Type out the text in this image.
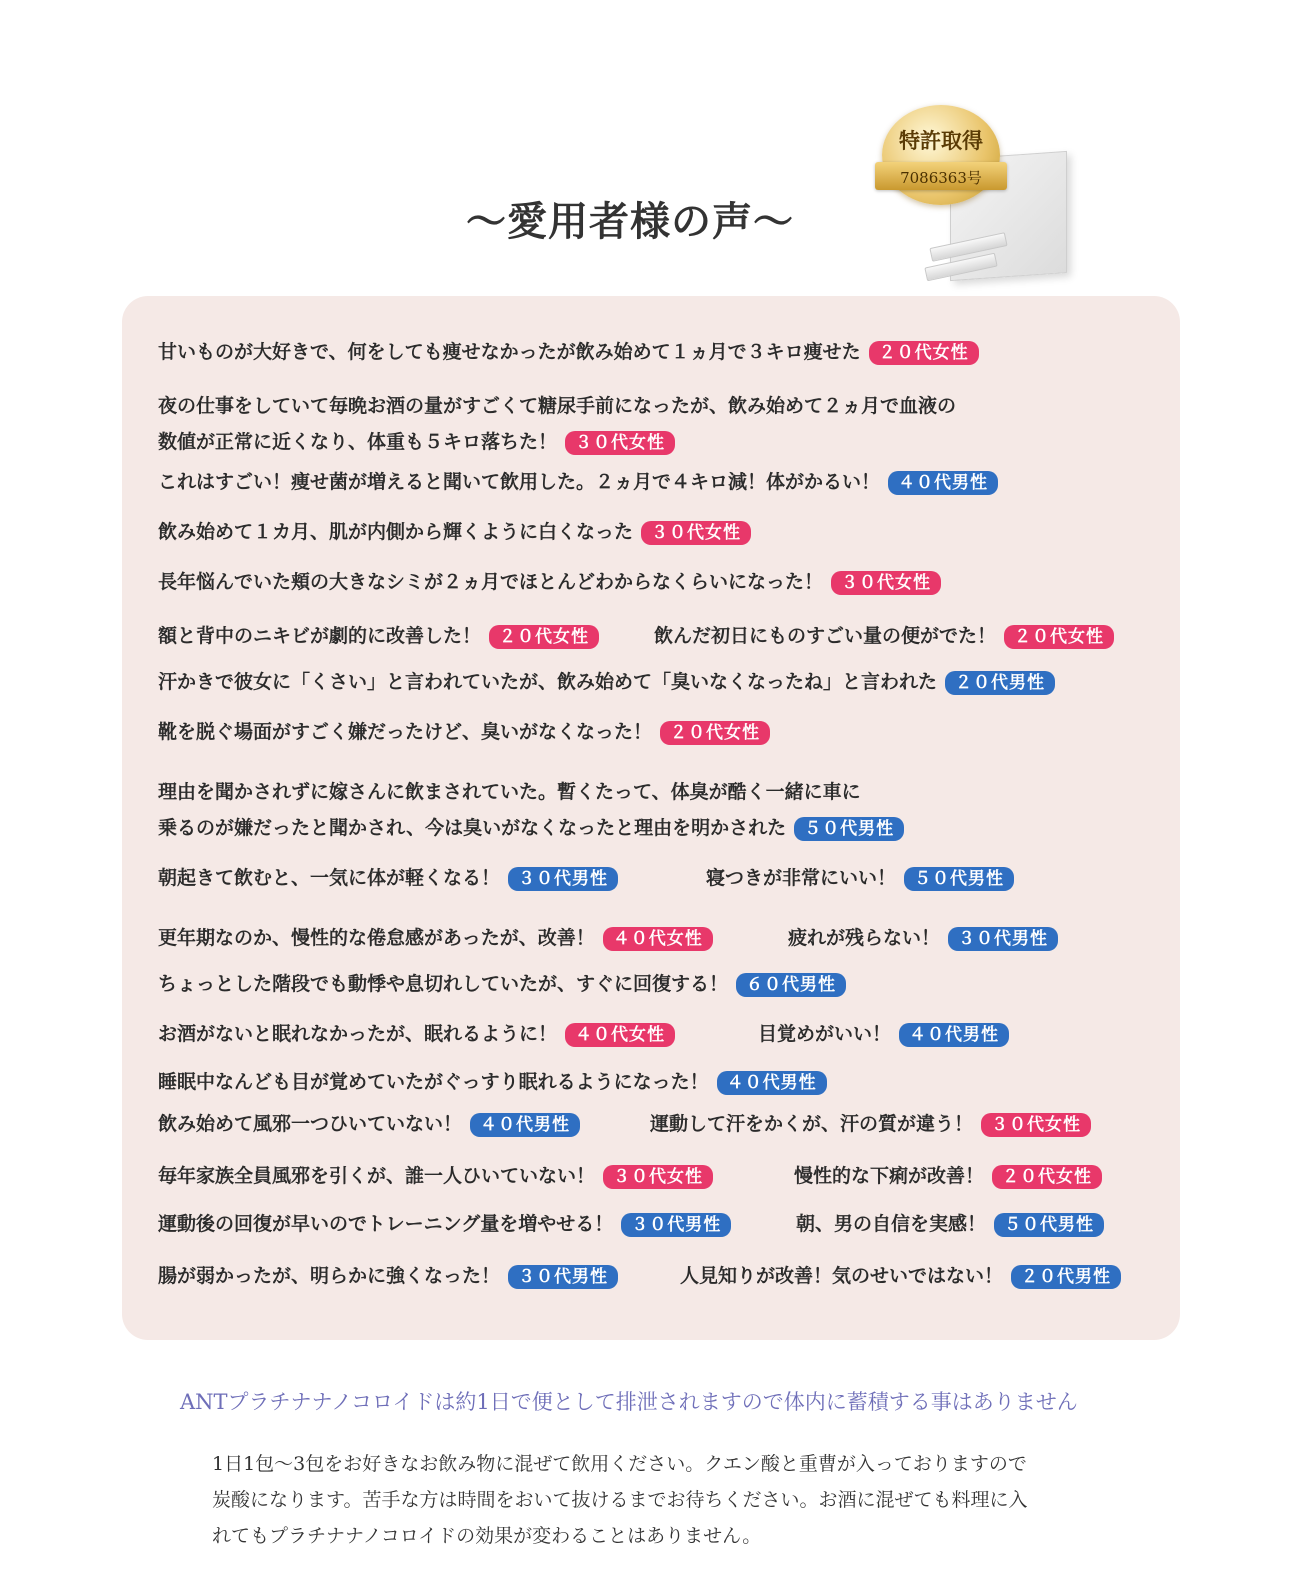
～愛用者様の声～
特許取得
7086363号
甘いものが大好きで、何をしても痩せなかったが飲み始めて１ヵ月で３キロ痩せた ２０代女性
夜の仕事をしていて毎晩お酒の量がすごくて糖尿手前になったが、飲み始めて２ヵ月で血液の
数値が正常に近くなり、体重も５キロ落ちた！ ３０代女性
これはすごい！痩せ菌が増えると聞いて飲用した。２ヵ月で４キロ減！体がかるい！ ４０代男性
飲み始めて１カ月、肌が内側から輝くように白くなった ３０代女性
長年悩んでいた頬の大きなシミが２ヵ月でほとんどわからなくらいになった！ ３０代女性
額と背中のニキビが劇的に改善した！ ２０代女性	飲んだ初日にものすごい量の便がでた！ ２０代女性
汗かきで彼女に「くさい」と言われていたが、飲み始めて「臭いなくなったね」と言われた ２０代男性
靴を脱ぐ場面がすごく嫌だったけど、臭いがなくなった！ ２０代女性
理由を聞かされずに嫁さんに飲まされていた。暫くたって、体臭が酷く一緒に車に
乗るのが嫌だったと聞かされ、今は臭いがなくなったと理由を明かされた ５０代男性
朝起きて飲むと、一気に体が軽くなる！ ３０代男性	寝つきが非常にいい！ ５０代男性
更年期なのか、慢性的な倦怠感があったが、改善！ ４０代女性	疲れが残らない！ ３０代男性
ちょっとした階段でも動悸や息切れしていたが、すぐに回復する！ ６０代男性
お酒がないと眠れなかったが、眠れるように！ ４０代女性	目覚めがいい！ ４０代男性
睡眠中なんども目が覚めていたがぐっすり眠れるようになった！ ４０代男性
飲み始めて風邪一つひいていない！ ４０代男性	運動して汗をかくが、汗の質が違う！ ３０代女性
毎年家族全員風邪を引くが、誰一人ひいていない！ ３０代女性	慢性的な下痢が改善！ ２０代女性
運動後の回復が早いのでトレーニング量を増やせる！ ３０代男性	朝、男の自信を実感！ ５０代男性
腸が弱かったが、明らかに強くなった！ ３０代男性	人見知りが改善！気のせいではない！ ２０代男性
ANTプラチナナノコロイドは約1日で便として排泄されますので体内に蓄積する事はありません
1日1包～3包をお好きなお飲み物に混ぜて飲用ください。クエン酸と重曹が入っておりますので
炭酸になります。苦手な方は時間をおいて抜けるまでお待ちください。お酒に混ぜても料理に入
れてもプラチナナノコロイドの効果が変わることはありません。
